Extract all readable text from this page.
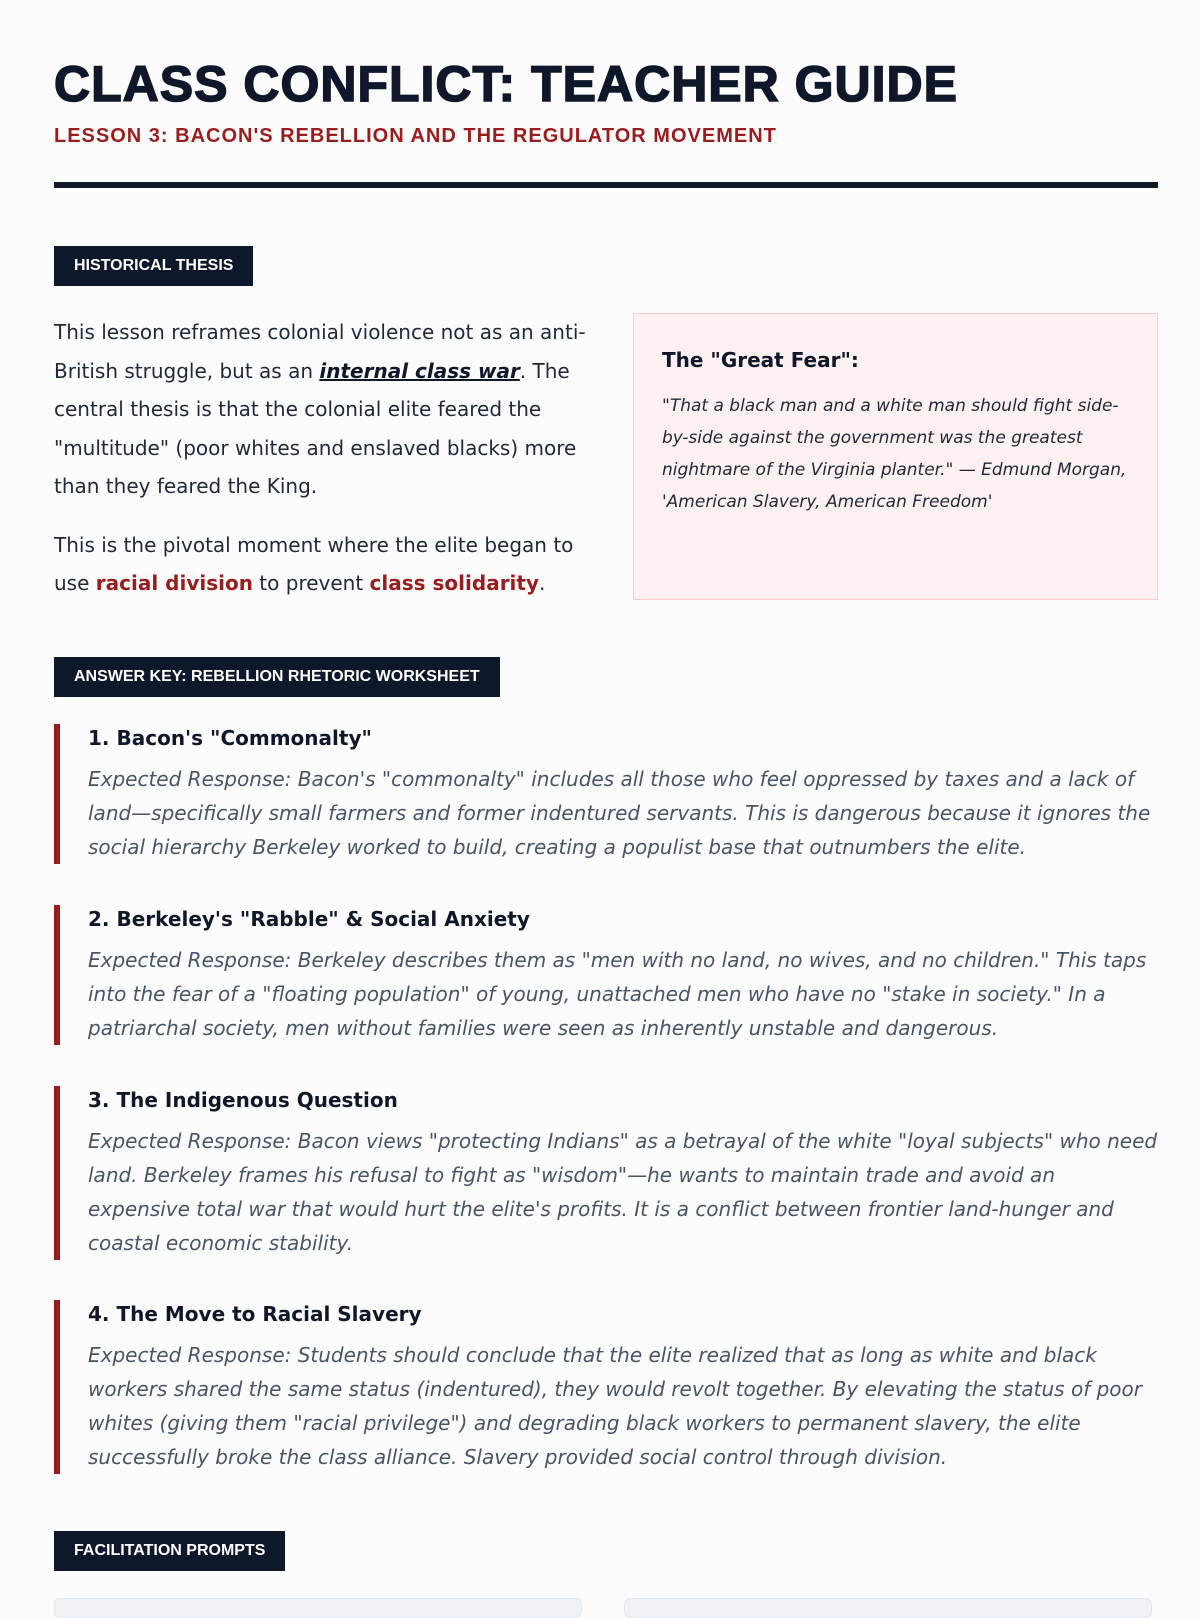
CLASS CONFLICT: TEACHER GUIDE
LESSON 3: BACON'S REBELLION AND THE REGULATOR MOVEMENT
HISTORICAL THESIS

This lesson reframes colonial violence not as an anti-British struggle, but as an internal class war. The central thesis is that the colonial elite feared the "multitude" (poor whites and enslaved blacks) more than they feared the King.

This is the pivotal moment where the elite began to use racial division to prevent class solidarity.

The "Great Fear":

"That a black man and a white man should fight side-by-side against the government was the greatest nightmare of the Virginia planter." — Edmund Morgan, 'American Slavery, American Freedom'

ANSWER KEY: REBELLION RHETORIC WORKSHEET
1. Bacon's "Commonalty"

Expected Response: Bacon's "commonalty" includes all those who feel oppressed by taxes and a lack of land—specifically small farmers and former indentured servants. This is dangerous because it ignores the social hierarchy Berkeley worked to build, creating a populist base that outnumbers the elite.

2. Berkeley's "Rabble" & Social Anxiety

Expected Response: Berkeley describes them as "men with no land, no wives, and no children." This taps into the fear of a "floating population" of young, unattached men who have no "stake in society." In a patriarchal society, men without families were seen as inherently unstable and dangerous.

3. The Indigenous Question

Expected Response: Bacon views "protecting Indians" as a betrayal of the white "loyal subjects" who need land. Berkeley frames his refusal to fight as "wisdom"—he wants to maintain trade and avoid an expensive total war that would hurt the elite's profits. It is a conflict between frontier land-hunger and coastal economic stability.

4. The Move to Racial Slavery

Expected Response: Students should conclude that the elite realized that as long as white and black workers shared the same status (indentured), they would revolt together. By elevating the status of poor whites (giving them "racial privilege") and degrading black workers to permanent slavery, the elite successfully broke the class alliance. Slavery provided social control through division.

FACILITATION PROMPTS
